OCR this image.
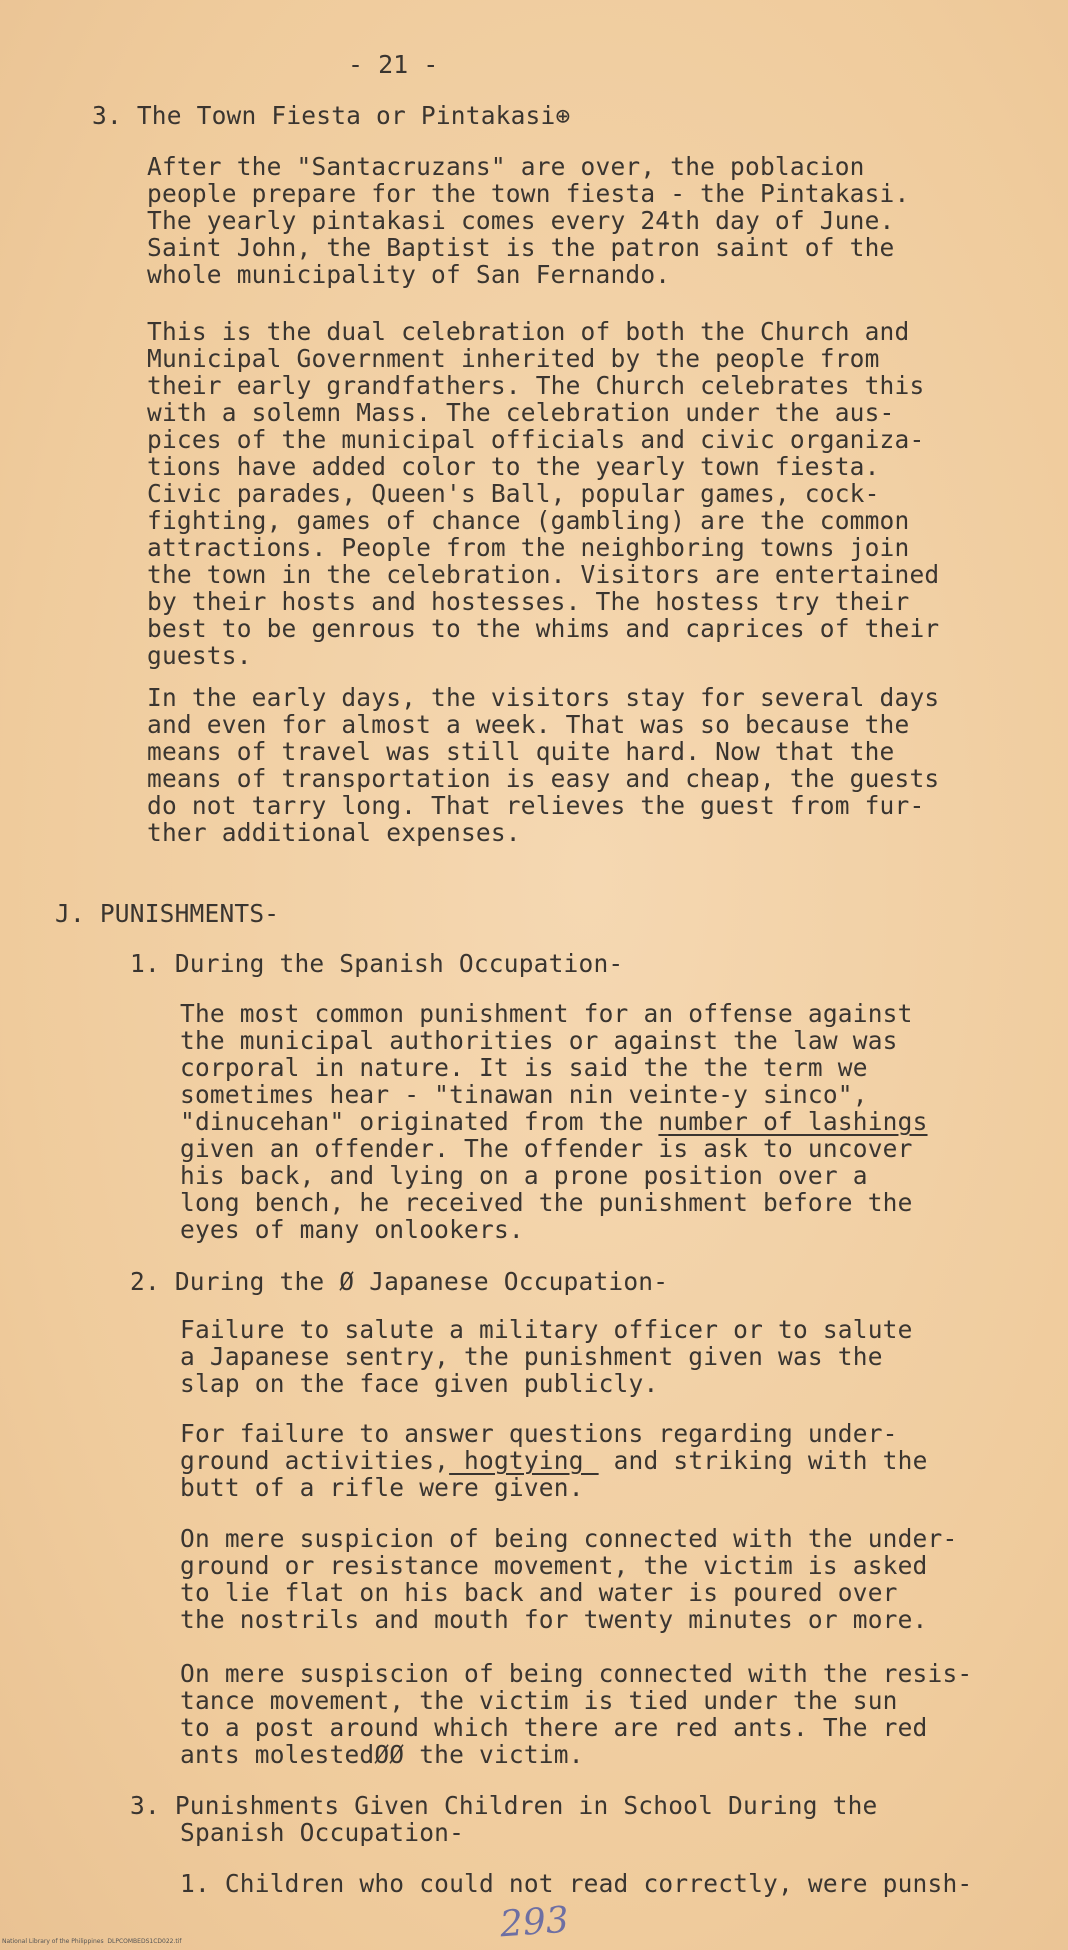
- 21 -
3. The Town Fiesta or Pintakasi⊕
After the "Santacruzans" are over, the poblacion
people prepare for the town fiesta - the Pintakasi.
The yearly pintakasi comes every 24th day of June.
Saint John, the Baptist is the patron saint of the
whole municipality of San Fernando.
This is the dual celebration of both the Church and
Municipal Government inherited by the people from
their early grandfathers. The Church celebrates this
with a solemn Mass. The celebration under the aus-
pices of the municipal officials and civic organiza-
tions have added color to the yearly town fiesta.
Civic parades, Queen's Ball, popular games, cock-
fighting, games of chance (gambling) are the common
attractions. People from the neighboring towns join
the town in the celebration. Visitors are entertained
by their hosts and hostesses. The hostess try their
best to be genrous to the whims and caprices of their
guests.
In the early days, the visitors stay for several days
and even for almost a week. That was so because the
means of travel was still quite hard. Now that the
means of transportation is easy and cheap, the guests
do not tarry long. That relieves the guest from fur-
ther additional expenses.
J. PUNISHMENTS-
1. During the Spanish Occupation-
The most common punishment for an offense against
the municipal authorities or against the law was
corporal in nature. It is said the the term we
sometimes hear - "tinawan nin veinte-y sinco",
"dinucehan" originated from the number of lashings
given an offender. The offender is ask to uncover
his back, and lying on a prone position over a
long bench, he received the punishment before the
eyes of many onlookers.
2. During the Ø Japanese Occupation-
Failure to salute a military officer or to salute
a Japanese sentry, the punishment given was the
slap on the face given publicly.
For failure to answer questions regarding under-
ground activities, hogtying  and striking with the
butt of a rifle were given.
On mere suspicion of being connected with the under-
ground or resistance movement, the victim is asked
to lie flat on his back and water is poured over
the nostrils and mouth for twenty minutes or more.
On mere suspiscion of being connected with the resis-
tance movement, the victim is tied under the sun
to a post around which there are red ants. The red
ants molestedØØ the victim.
3. Punishments Given Children in School During the
Spanish Occupation-
1. Children who could not read correctly, were punsh-
293
National Library of the Philippines  DLPCOMBEDS1CD022.tif
